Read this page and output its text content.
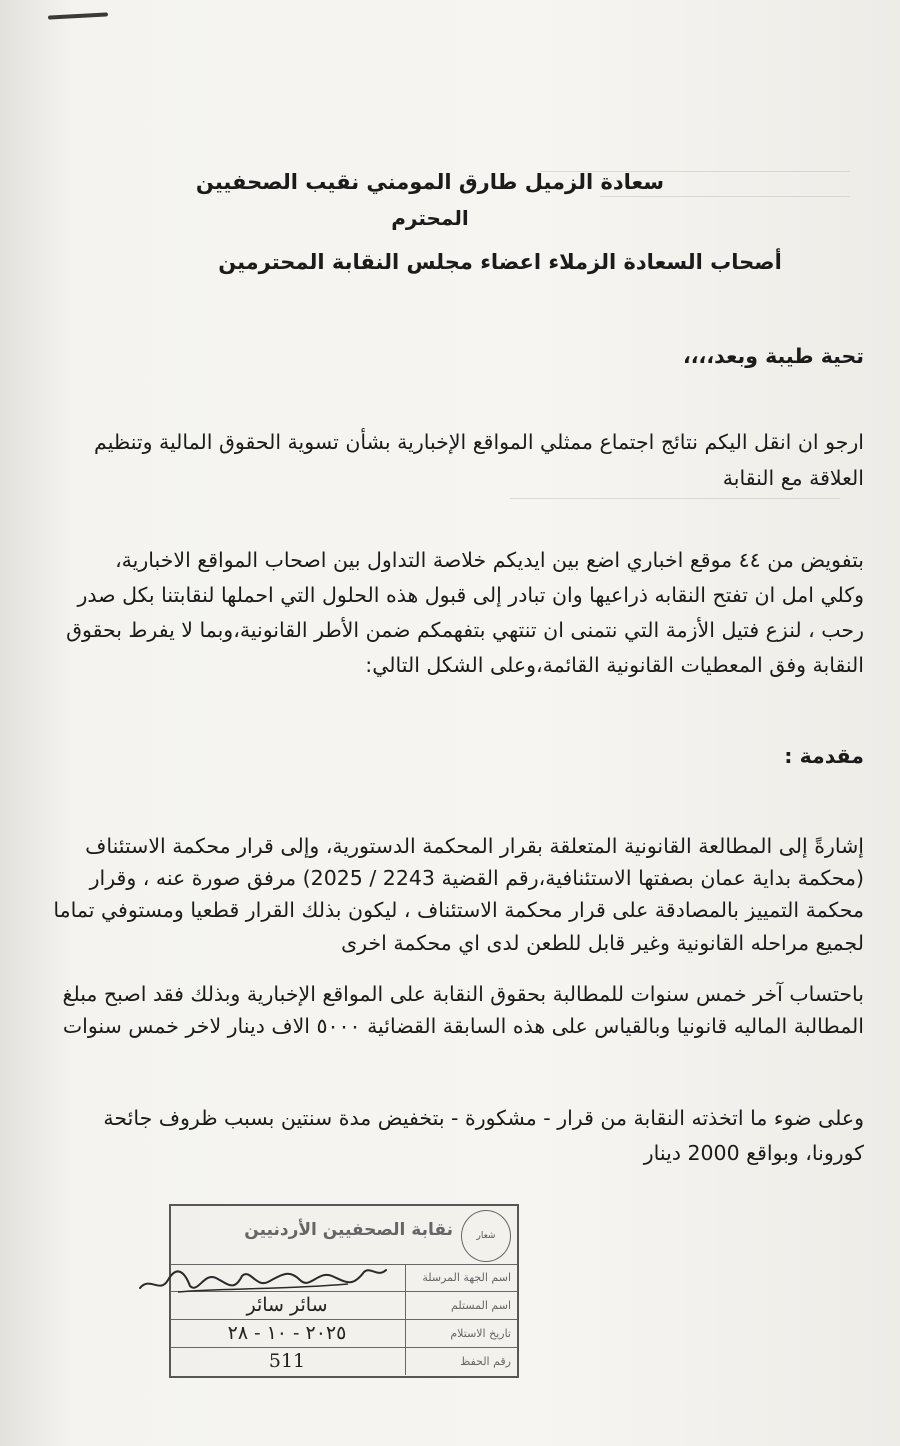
سعادة الزميل طارق المومني نقيب الصحفيين
المحترم
أصحاب السعادة الزملاء اعضاء مجلس النقابة المحترمين
تحية طيبة وبعد،،،،
ارجو ان انقل اليكم نتائج اجتماع ممثلي المواقع الإخبارية بشأن تسوية الحقوق المالية وتنظيم
العلاقة مع النقابة
بتفويض من ٤٤ موقع اخباري اضع بين ايديكم خلاصة التداول بين اصحاب المواقع الاخبارية،
وكلي امل ان تفتح النقابه ذراعيها وان تبادر إلى قبول هذه الحلول التي احملها لنقابتنا بكل صدر
رحب ، لنزع فتيل الأزمة التي نتمنى ان تنتهي بتفهمكم ضمن الأطر القانونية،وبما لا يفرط بحقوق
النقابة وفق المعطيات القانونية القائمة،وعلى الشكل التالي:
مقدمة :
إشارةً إلى المطالعة القانونية المتعلقة بقرار المحكمة الدستورية، وإلى قرار محكمة الاستئناف
(محكمة بداية عمان بصفتها الاستئنافية،رقم القضية 2243 / 2025) مرفق صورة عنه ، وقرار
محكمة التمييز بالمصادقة على قرار محكمة الاستئناف ، ليكون بذلك القرار قطعيا ومستوفي تماما
لجميع مراحله القانونية وغير قابل للطعن لدى اي محكمة اخرى
باحتساب آخر خمس سنوات للمطالبة بحقوق النقابة على المواقع الإخبارية وبذلك فقد اصبح مبلغ
المطالبة الماليه قانونيا وبالقياس على هذه السابقة القضائية ٥٠٠٠ الاف دينار لاخر خمس سنوات
وعلى ضوء ما اتخذته النقابة من قرار - مشكورة - بتخفيض مدة سنتين بسبب ظروف جائحة
كورونا، وبواقع 2000 دينار
شعار
نقابة الصحفيين الأردنيين
اسم الجهة المرسلة
اسم المستلم
سائر سائر
تاريخ الاستلام
٢٠٢٥ - ١٠ - ٢٨
رقم الحفظ
511
